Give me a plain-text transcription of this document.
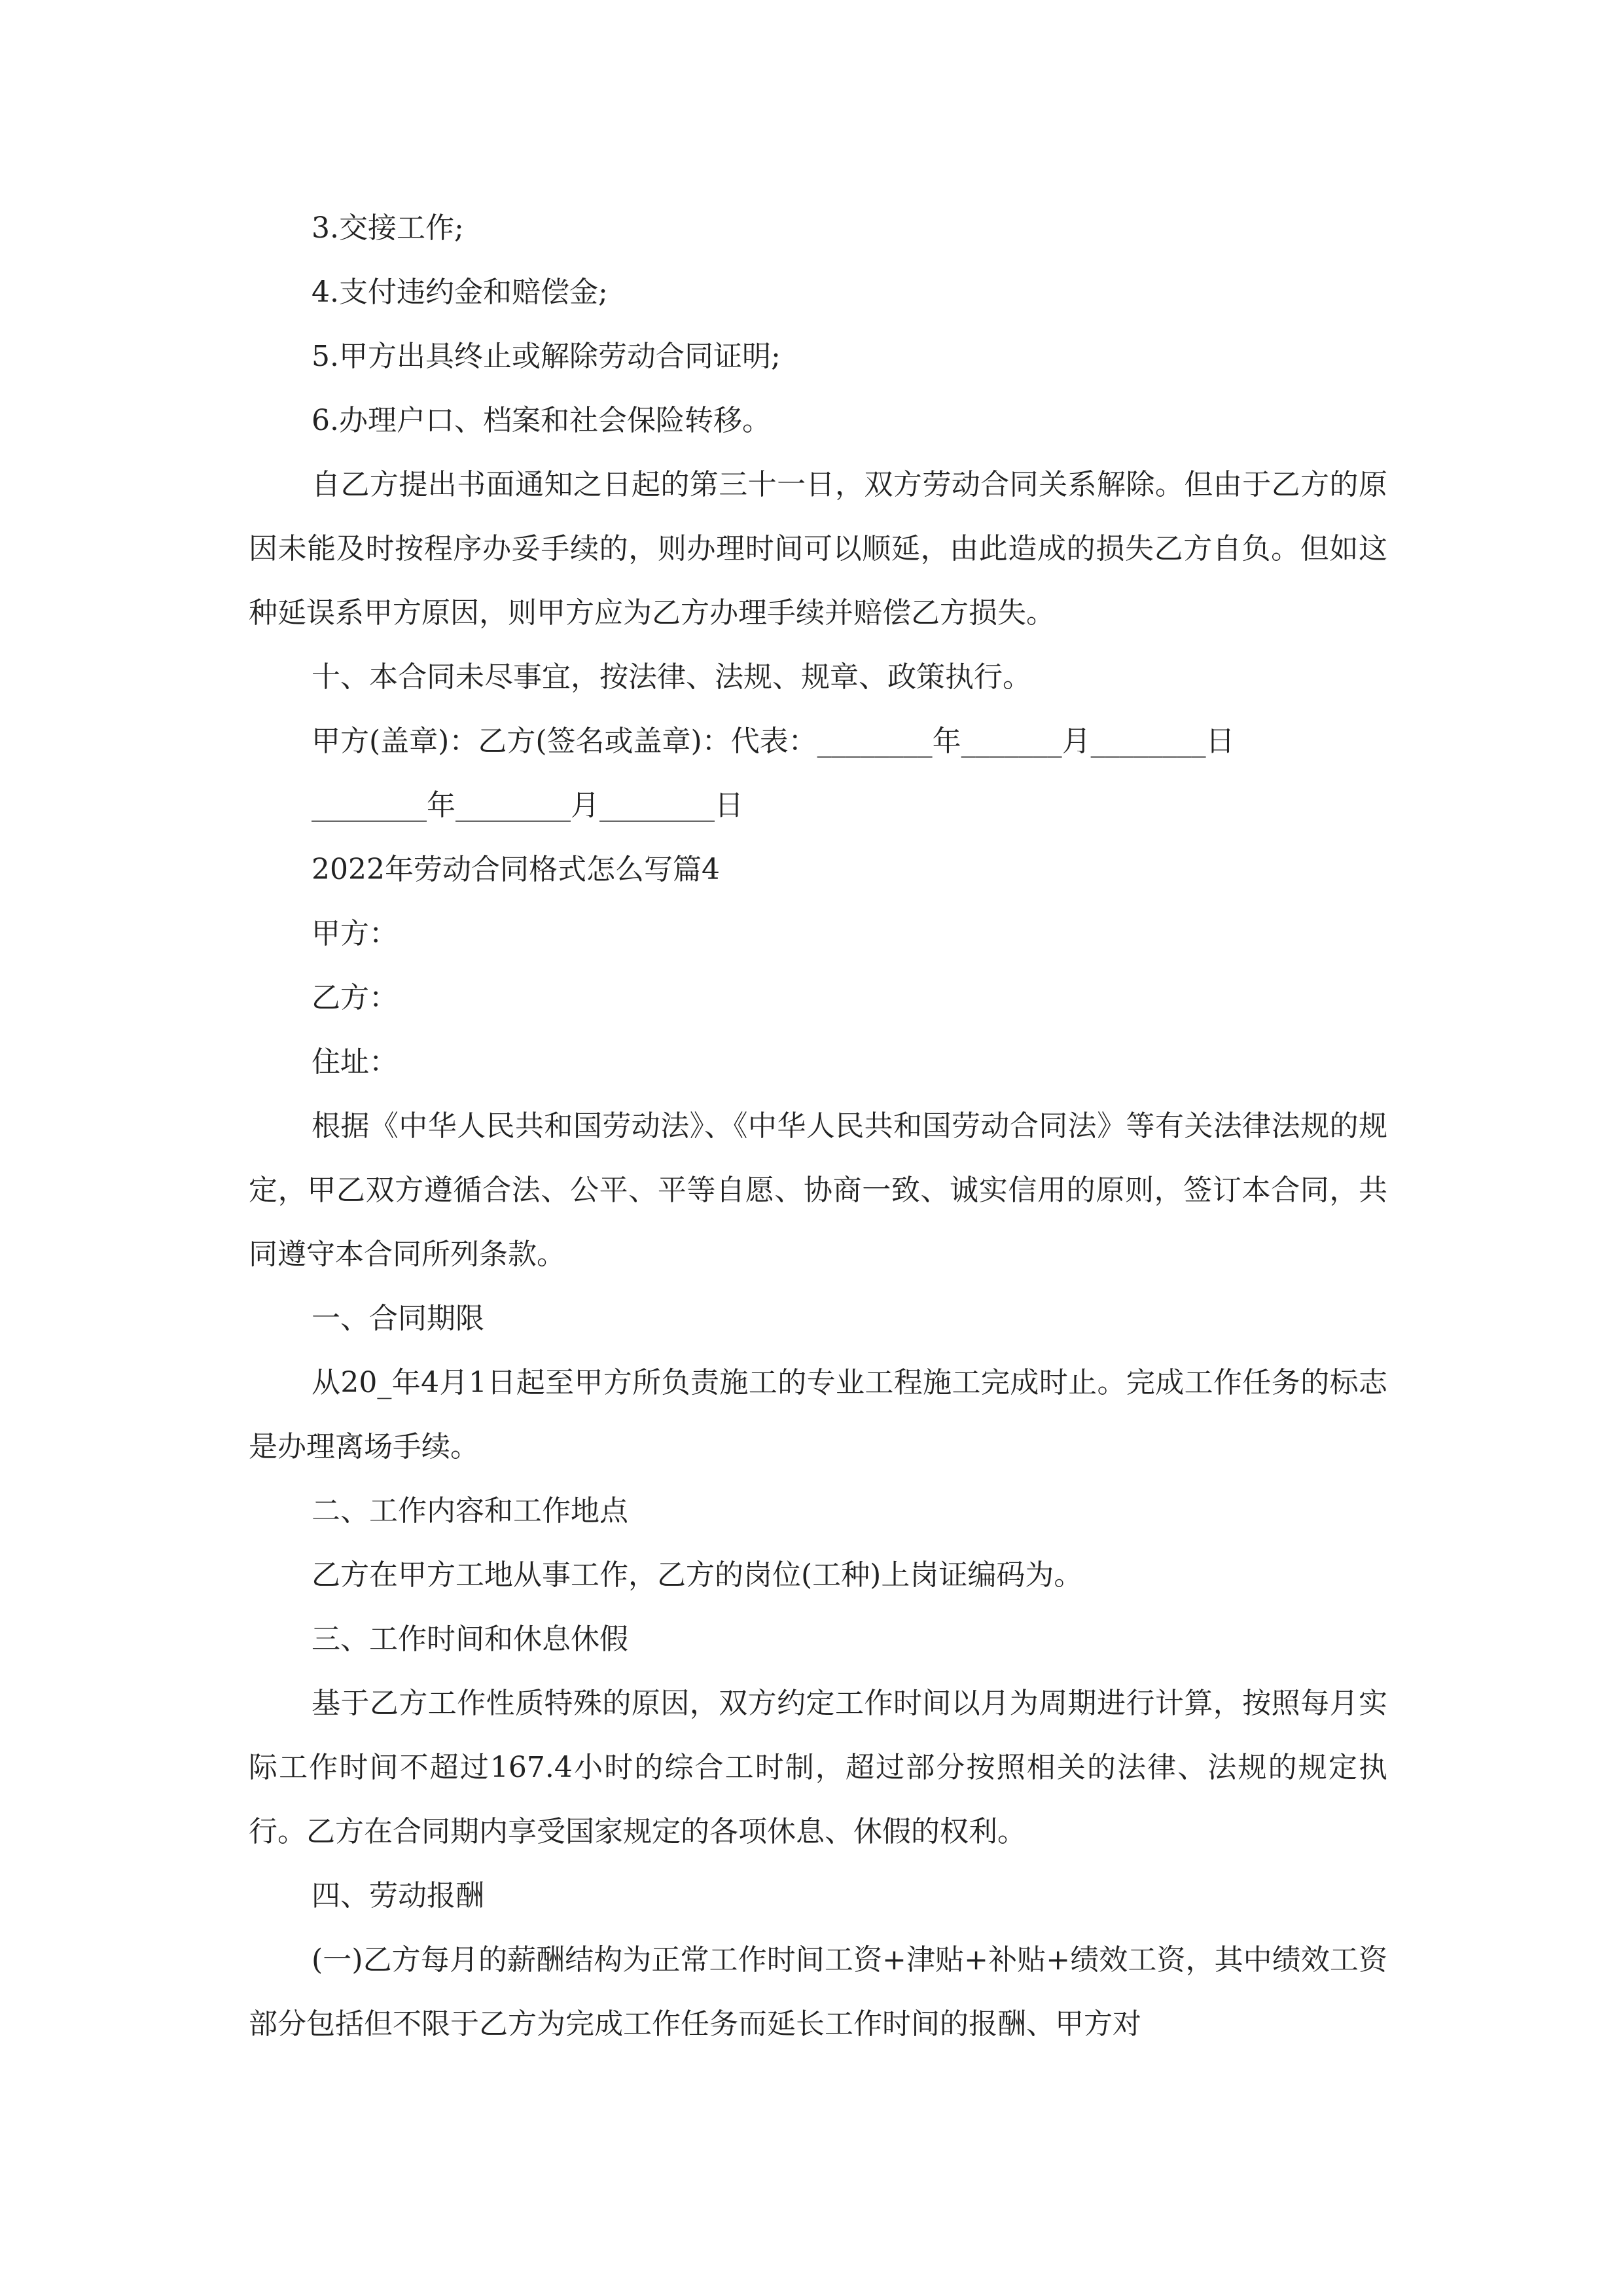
3.交接工作;

4.支付违约金和赔偿金;

5.甲方出具终止或解除劳动合同证明;

6.办理户口、档案和社会保险转移。

自乙方提出书面通知之日起的第三十一日，双方劳动合同关系解除。但由于乙方的原因未能及时按程序办妥手续的，则办理时间可以顺延，由此造成的损失乙方自负。但如这种延误系甲方原因，则甲方应为乙方办理手续并赔偿乙方损失。

十、本合同未尽事宜，按法律、法规、规章、政策执行。

甲方(盖章)：乙方(签名或盖章)：代表：________年_______月________日

________年________月________日

2022年劳动合同格式怎么写篇4

甲方：

乙方：

住址：

根据《中华人民共和国劳动法》、《中华人民共和国劳动合同法》等有关法律法规的规定，甲乙双方遵循合法、公平、平等自愿、协商一致、诚实信用的原则，签订本合同，共同遵守本合同所列条款。

一、合同期限

从20_年4月1日起至甲方所负责施工的专业工程施工完成时止。完成工作任务的标志是办理离场手续。

二、工作内容和工作地点

乙方在甲方工地从事工作，乙方的岗位(工种)上岗证编码为。

三、工作时间和休息休假

基于乙方工作性质特殊的原因，双方约定工作时间以月为周期进行计算，按照每月实际工作时间不超过167.4小时的综合工时制，超过部分按照相关的法律、法规的规定执行。乙方在合同期内享受国家规定的各项休息、休假的权利。

四、劳动报酬

(一)乙方每月的薪酬结构为正常工作时间工资+津贴+补贴+绩效工资，其中绩效工资部分包括但不限于乙方为完成工作任务而延长工作时间的报酬、甲方对
